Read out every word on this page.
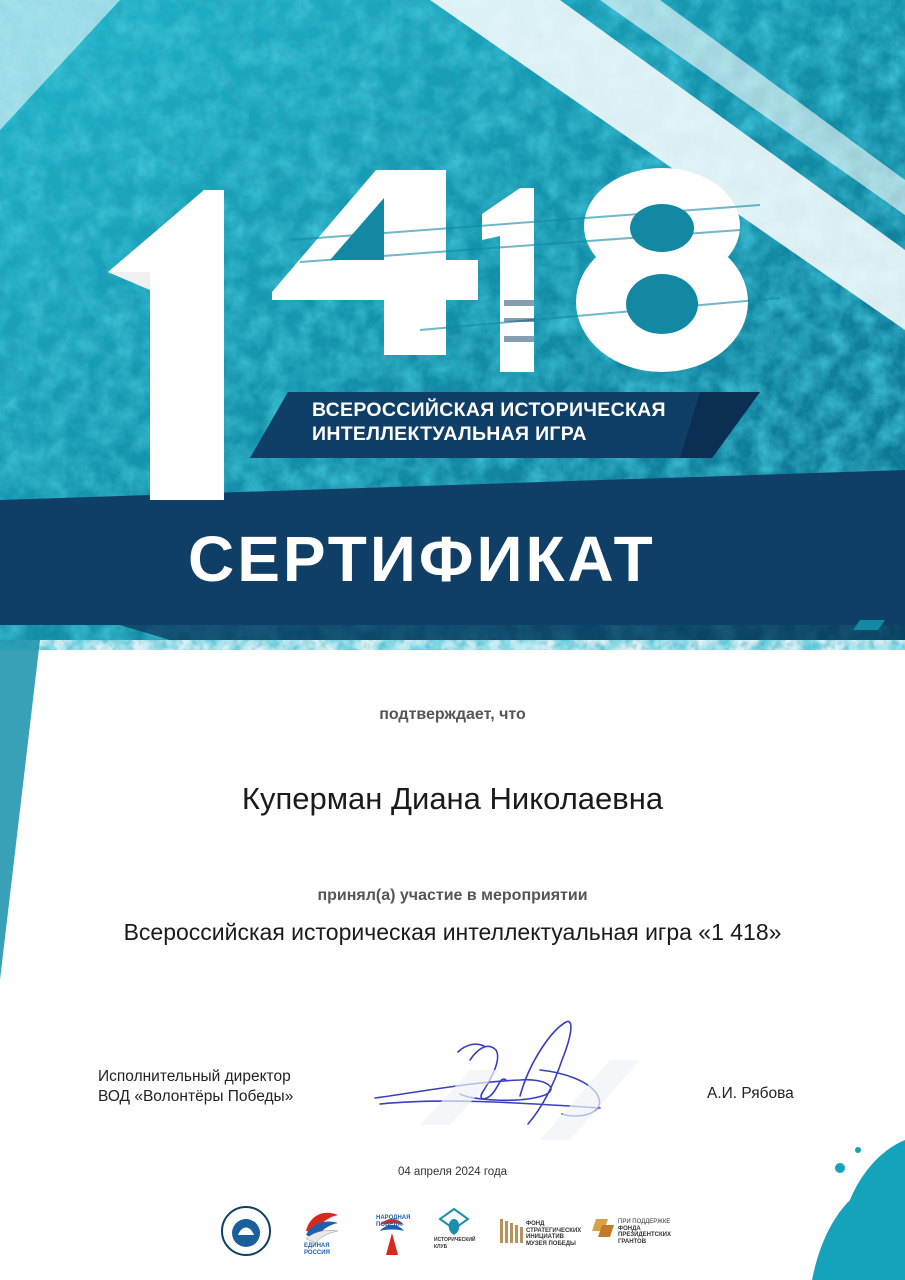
ВСЕРОССИЙСКАЯ ИСТОРИЧЕСКАЯ
ИНТЕЛЛЕКТУАЛЬНАЯ ИГРА
СЕРТИФИКАТ
подтверждает, что
Куперман Диана Николаевна
принял(а) участие в мероприятии
Всероссийская историческая интеллектуальная игра «1 418»
Исполнительный директор
ВОД «Волонтёры Победы»	А.И. Рябова
04 апреля 2024 года
ЕДИНАЯ
РОССИЯ
НАРОДНАЯ
ПОБЕДА
ИСТОРИЧЕСКИЙ
КЛУБ
ФОНД
СТРАТЕГИЧЕСКИХ
ИНИЦИАТИВ
МУЗЕЯ ПОБЕДЫ
ПРИ ПОДДЕРЖКЕ
ФОНДА
ПРЕЗИДЕНТСКИХ
ГРАНТОВ
